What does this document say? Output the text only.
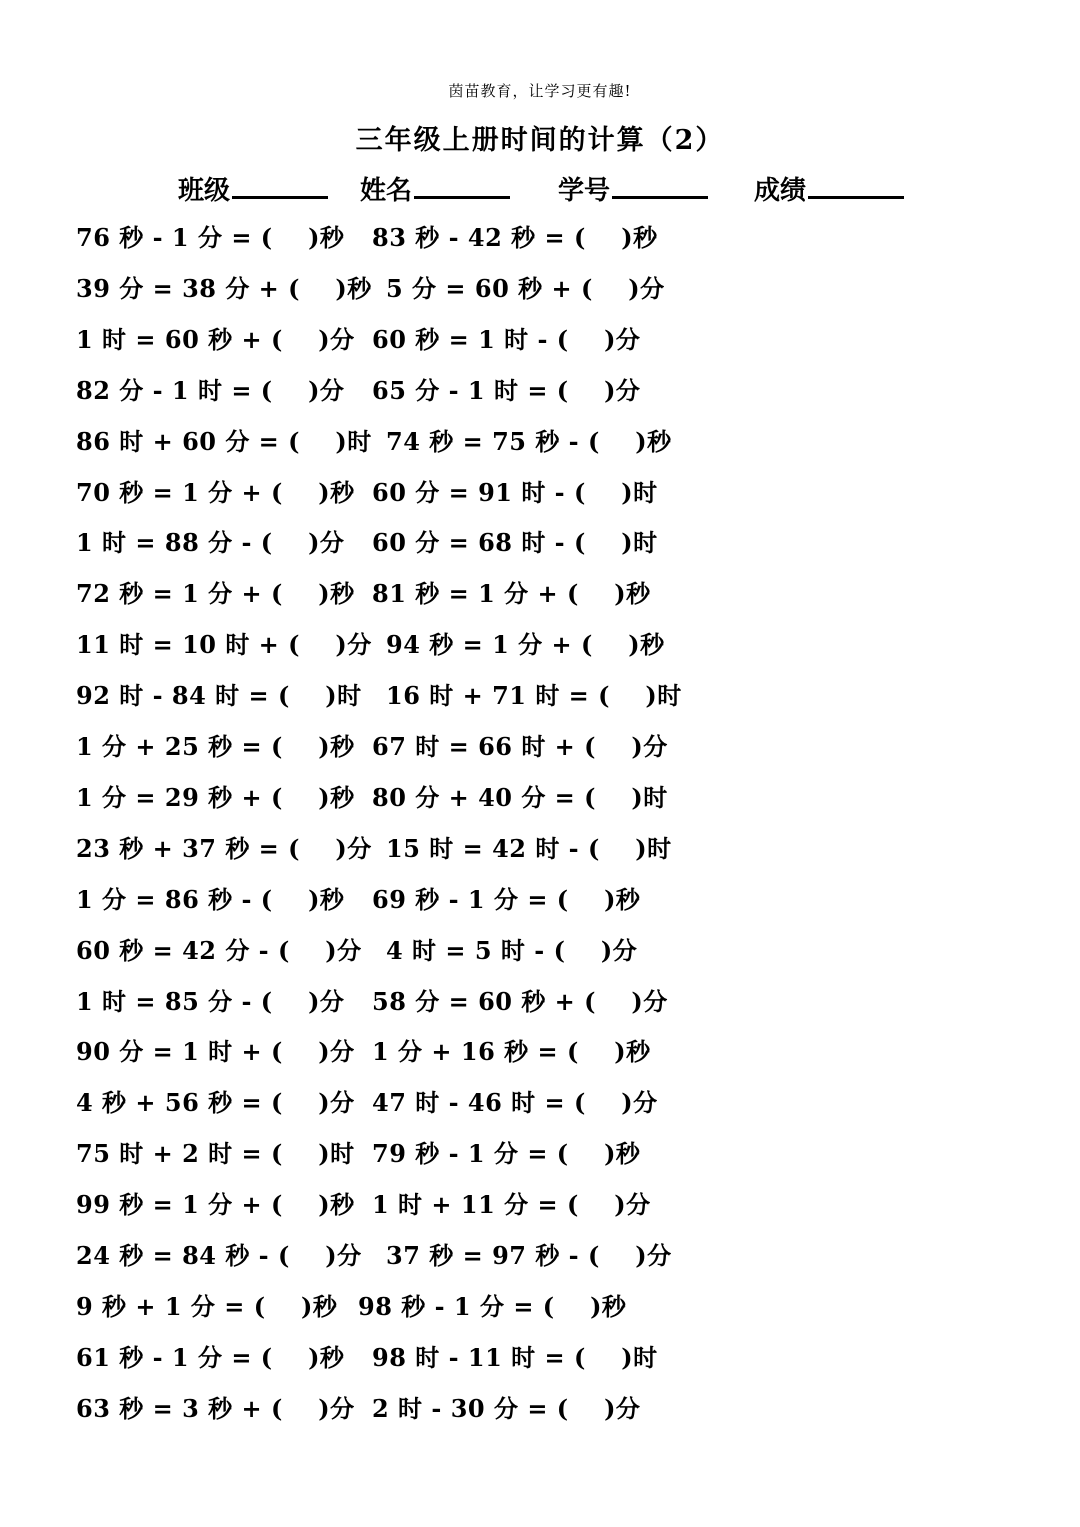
茵苗教育，让学习更有趣!
三年级上册时间的计算（2）
班级	姓名	学号	成绩
76 秒 - 1 分 = (    )秒 83 秒 - 42 秒 = (    )秒
39 分 = 38 分 + (    )秒 5 分 = 60 秒 + (    )分
1 时 = 60 秒 + (    )分 60 秒 = 1 时 - (    )分
82 分 - 1 时 = (    )分 65 分 - 1 时 = (    )分
86 时 + 60 分 = (    )时 74 秒 = 75 秒 - (    )秒
70 秒 = 1 分 + (    )秒 60 分 = 91 时 - (    )时
1 时 = 88 分 - (    )分 60 分 = 68 时 - (    )时
72 秒 = 1 分 + (    )秒 81 秒 = 1 分 + (    )秒
11 时 = 10 时 + (    )分 94 秒 = 1 分 + (    )秒
92 时 - 84 时 = (    )时 16 时 + 71 时 = (    )时
1 分 + 25 秒 = (    )秒 67 时 = 66 时 + (    )分
1 分 = 29 秒 + (    )秒 80 分 + 40 分 = (    )时
23 秒 + 37 秒 = (    )分 15 时 = 42 时 - (    )时
1 分 = 86 秒 - (    )秒 69 秒 - 1 分 = (    )秒
60 秒 = 42 分 - (    )分 4 时 = 5 时 - (    )分
1 时 = 85 分 - (    )分 58 分 = 60 秒 + (    )分
90 分 = 1 时 + (    )分 1 分 + 16 秒 = (    )秒
4 秒 + 56 秒 = (    )分 47 时 - 46 时 = (    )分
75 时 + 2 时 = (    )时 79 秒 - 1 分 = (    )秒
99 秒 = 1 分 + (    )秒 1 时 + 11 分 = (    )分
24 秒 = 84 秒 - (    )分 37 秒 = 97 秒 - (    )分
9 秒 + 1 分 = (    )秒 98 秒 - 1 分 = (    )秒
61 秒 - 1 分 = (    )秒 98 时 - 11 时 = (    )时
63 秒 = 3 秒 + (    )分 2 时 - 30 分 = (    )分
